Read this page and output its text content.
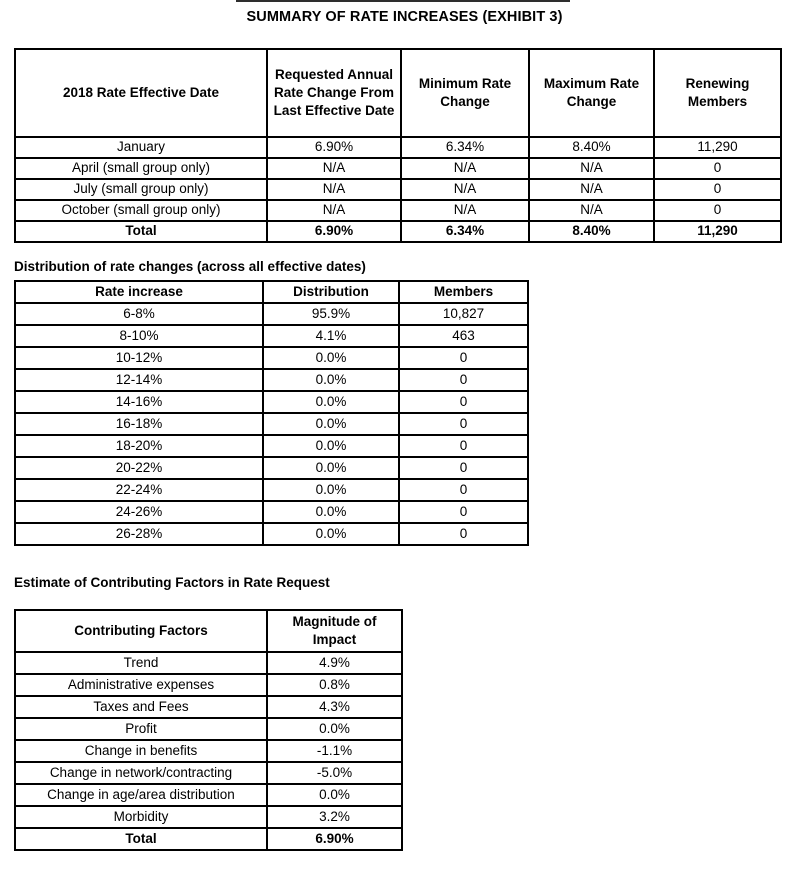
SUMMARY OF RATE INCREASES (EXHIBIT 3)
2018 Rate Effective Date	Requested Annual Rate Change From Last Effective Date	Minimum Rate Change	Maximum Rate Change	Renewing Members
January	6.90%	6.34%	8.40%	11,290
April (small group only)	N/A	N/A	N/A	0
July (small group only)	N/A	N/A	N/A	0
October (small group only)	N/A	N/A	N/A	0
Total	6.90%	6.34%	8.40%	11,290
Distribution of rate changes (across all effective dates)
Rate increase	Distribution	Members
6-8%	95.9%	10,827
8-10%	4.1%	463
10-12%	0.0%	0
12-14%	0.0%	0
14-16%	0.0%	0
16-18%	0.0%	0
18-20%	0.0%	0
20-22%	0.0%	0
22-24%	0.0%	0
24-26%	0.0%	0
26-28%	0.0%	0
Estimate of Contributing Factors in Rate Request
Contributing Factors	Magnitude of Impact
Trend	4.9%
Administrative expenses	0.8%
Taxes and Fees	4.3%
Profit	0.0%
Change in benefits	-1.1%
Change in network/contracting	-5.0%
Change in age/area distribution	0.0%
Morbidity	3.2%
Total	6.90%
